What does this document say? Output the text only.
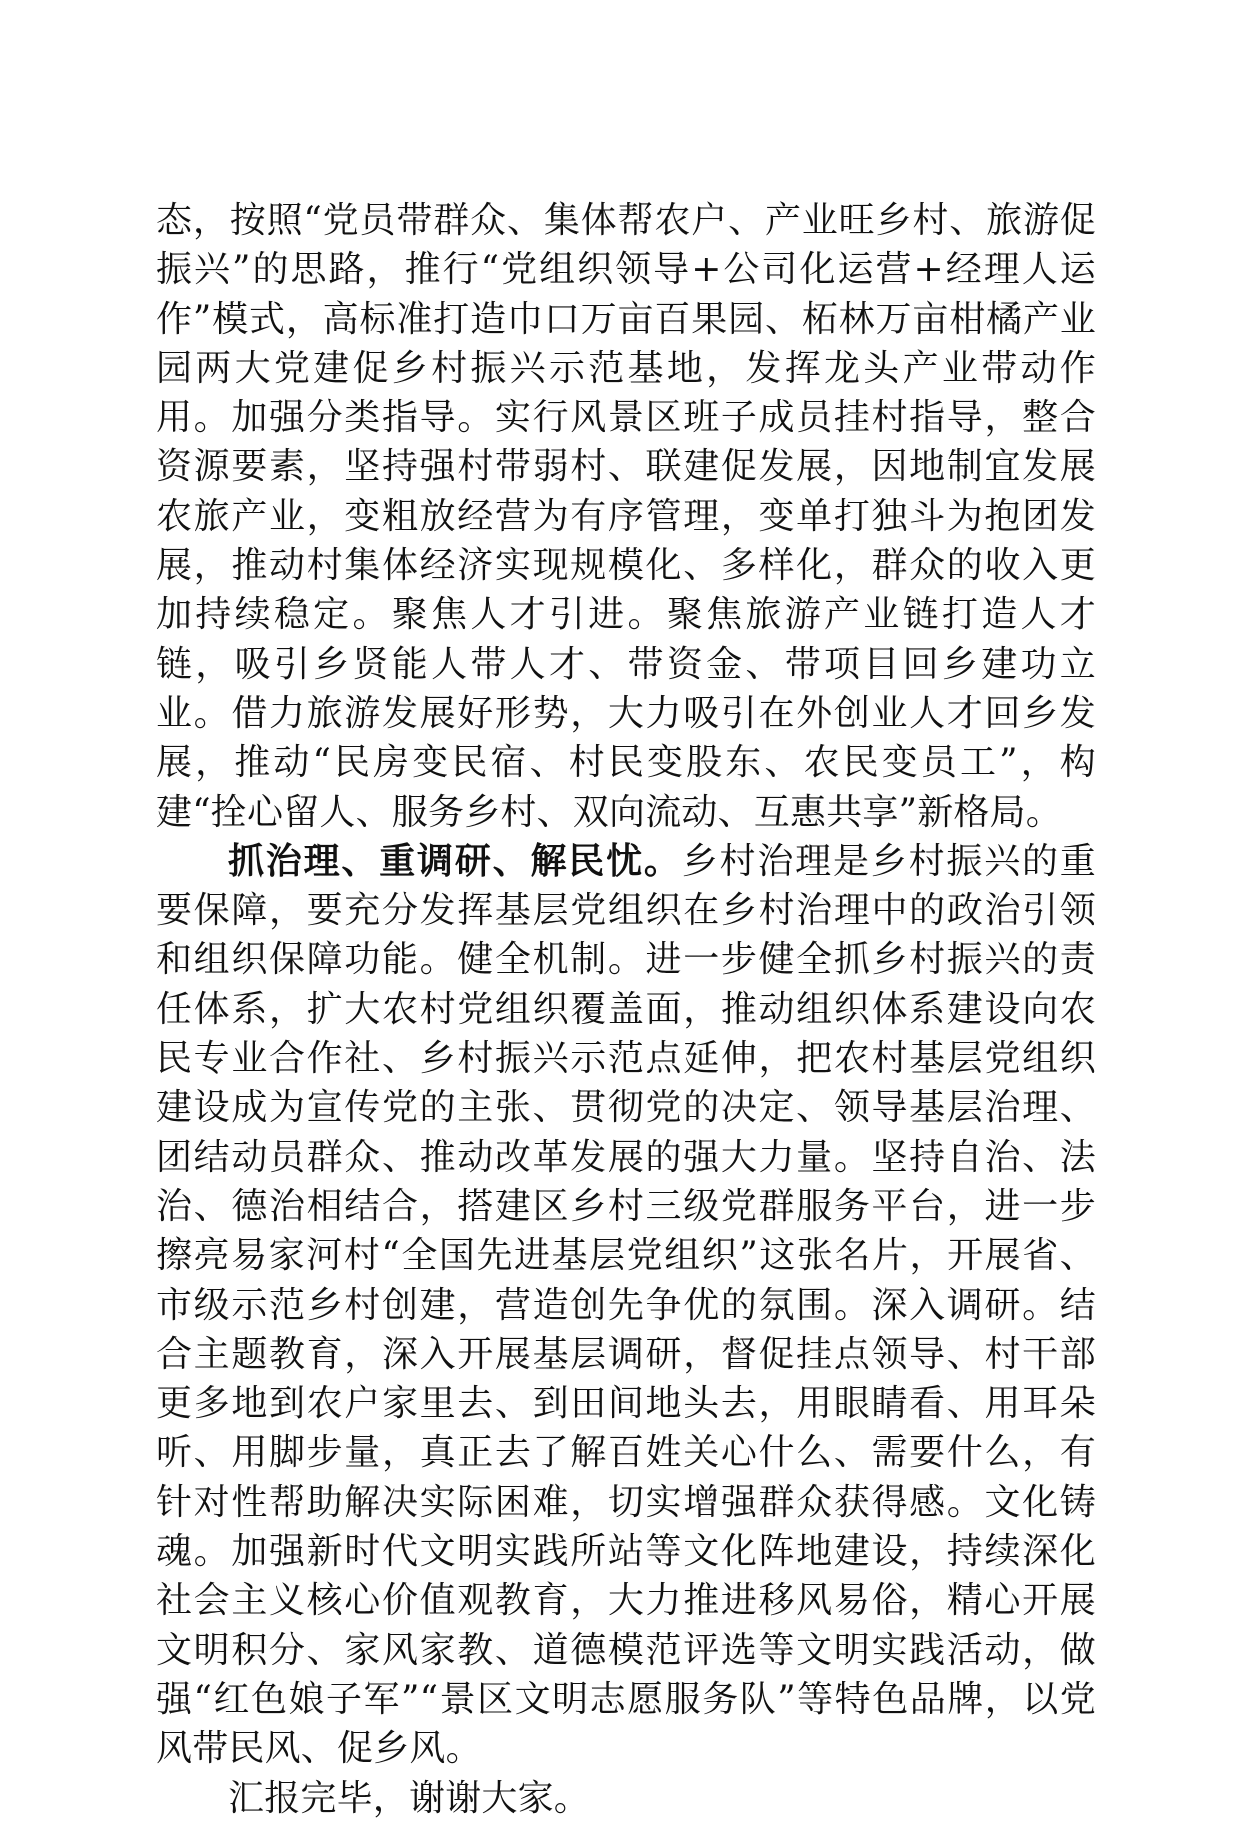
态，按照“党员带群众、集体帮农户、产业旺乡村、旅游促振兴”的思路，推行“党组织领导+公司化运营+经理人运作”模式，高标准打造巾口万亩百果园、柘林万亩柑橘产业园两大党建促乡村振兴示范基地，发挥龙头产业带动作用。加强分类指导。实行风景区班子成员挂村指导，整合资源要素，坚持强村带弱村、联建促发展，因地制宜发展农旅产业，变粗放经营为有序管理，变单打独斗为抱团发展，推动村集体经济实现规模化、多样化，群众的收入更加持续稳定。聚焦人才引进。聚焦旅游产业链打造人才链，吸引乡贤能人带人才、带资金、带项目回乡建功立业。借力旅游发展好形势，大力吸引在外创业人才回乡发展，推动“民房变民宿、村民变股东、农民变员工”，构建“拴心留人、服务乡村、双向流动、互惠共享”新格局。

抓治理、重调研、解民忧。乡村治理是乡村振兴的重要保障，要充分发挥基层党组织在乡村治理中的政治引领和组织保障功能。健全机制。进一步健全抓乡村振兴的责任体系，扩大农村党组织覆盖面，推动组织体系建设向农民专业合作社、乡村振兴示范点延伸，把农村基层党组织建设成为宣传党的主张、贯彻党的决定、领导基层治理、团结动员群众、推动改革发展的强大力量。坚持自治、法治、德治相结合，搭建区乡村三级党群服务平台，进一步擦亮易家河村“全国先进基层党组织”这张名片，开展省、市级示范乡村创建，营造创先争优的氛围。深入调研。结合主题教育，深入开展基层调研，督促挂点领导、村干部更多地到农户家里去、到田间地头去，用眼睛看、用耳朵听、用脚步量，真正去了解百姓关心什么、需要什么，有针对性帮助解决实际困难，切实增强群众获得感。文化铸魂。加强新时代文明实践所站等文化阵地建设，持续深化社会主义核心价值观教育，大力推进移风易俗，精心开展文明积分、家风家教、道德模范评选等文明实践活动，做强“红色娘子军”“景区文明志愿服务队”等特色品牌，以党风带民风、促乡风。

汇报完毕，谢谢大家。
